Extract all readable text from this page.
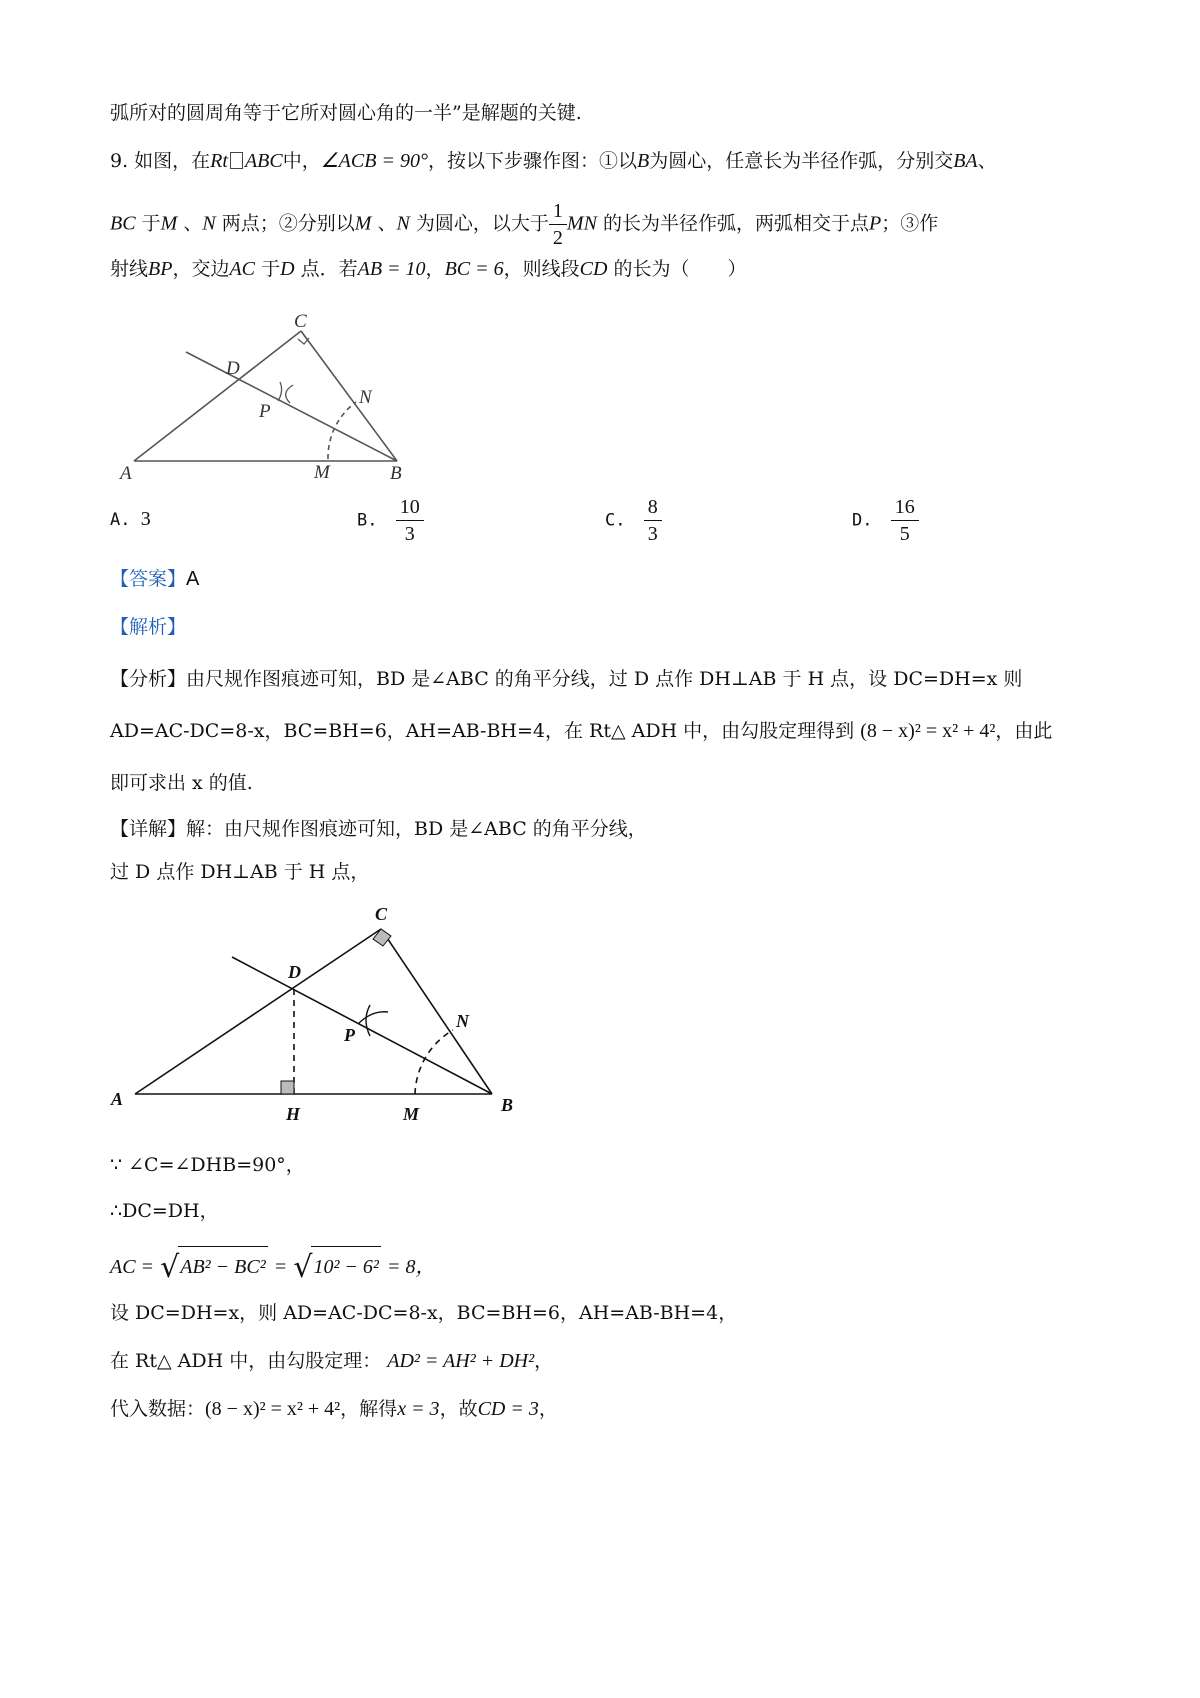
弧所对的圆周角等于它所对圆心角的一半”是解题的关键.
9. 如图，在Rt ABC中，∠ACB = 90°，按以下步骤作图：①以B为圆心，任意长为半径作弧，分别交BA、
BC 于M 、N 两点；②分别以M 、N 为圆心，以大于 $\frac{1}{2}$ MN 的长为半径作弧，两弧相交于点P；③作
射线BP，交边AC 于D 点．若AB = 10，BC = 6，则线段CD 的长为（　　）
A	B
C
D
M
N
P
A. 3	B. $\frac{10}{3}$	C. $\frac{8}{3}$	D. $\frac{16}{5}$
【答案】A
【解析】
【分析】由尺规作图痕迹可知，BD 是∠ABC 的角平分线，过 D 点作 DH⊥AB 于 H 点，设 DC=DH=x 则
AD=AC-DC=8-x，BC=BH=6，AH=AB-BH=4，在 Rt△ ADH 中，由勾股定理得到 (8 − x)² = x² + 4²，由此
即可求出 x 的值.
【详解】解：由尺规作图痕迹可知，BD 是∠ABC 的角平分线，
过 D 点作 DH⊥AB 于 H 点，
A	B
C
D
H	M
N
P
∵ ∠C=∠DHB=90°，
∴DC=DH，
AC = √AB² − BC² = √10² − 6² = 8，
设 DC=DH=x，则 AD=AC-DC=8-x，BC=BH=6，AH=AB-BH=4，
在 Rt△ ADH 中，由勾股定理： AD² = AH² + DH²，
代入数据：(8 − x)² = x² + 4²，解得x = 3，故CD = 3，
